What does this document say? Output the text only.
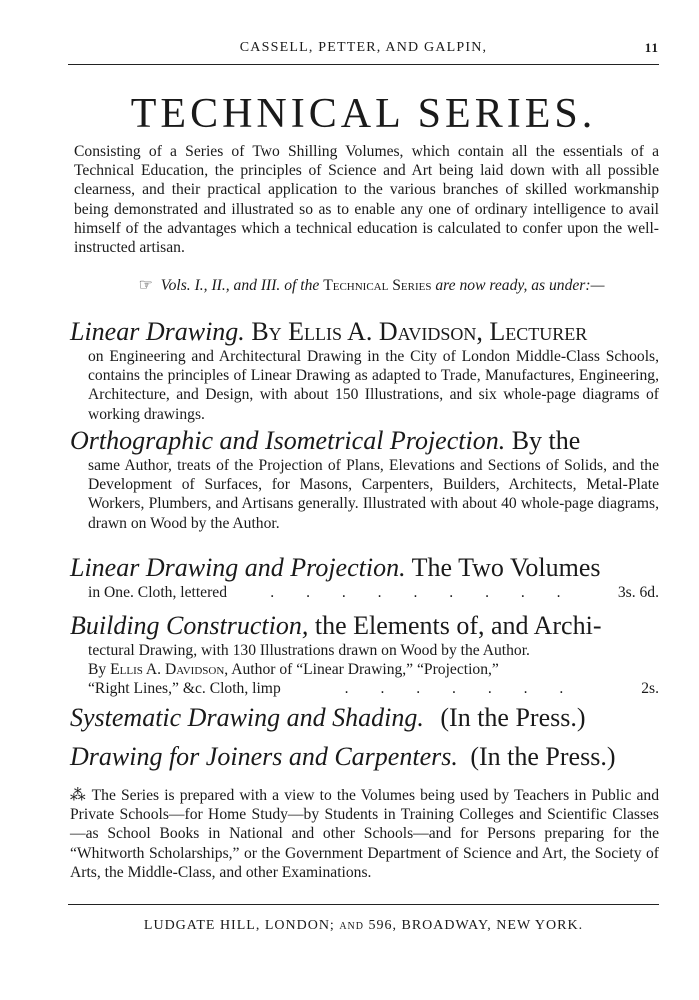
CASSELL, PETTER, AND GALPIN,	11
TECHNICAL SERIES.

Consisting of a Series of Two Shilling Volumes, which contain all the essentials of a Technical Education, the principles of Science and Art being laid down with all possible clearness, and their practical application to the various branches of skilled workmanship being demonstrated and illustrated so as to enable any one of ordinary intelligence to avail himself of the advantages which a technical education is calculated to confer upon the well-instructed artisan.

☞ Vols. I., II., and III. of the Technical Series are now ready, as under:—
Linear Drawing. By Ellis A. Davidson, Lecturer
on Engineering and Architectural Drawing in the City of London Middle-Class Schools, contains the principles of Linear Drawing as adapted to Trade, Manufactures, Engineering, Architecture, and Design, with about 150 Illustrations, and six whole-page diagrams of working drawings.
Orthographic and Isometrical Projection. By the
same Author, treats of the Projection of Plans, Elevations and Sections of Solids, and the Development of Surfaces, for Masons, Carpenters, Builders, Architects, Metal-Plate Workers, Plumbers, and Artisans generally. Illustrated with about 40 whole-page diagrams, drawn on Wood by the Author.
Linear Drawing and Projection. The Two Volumes
in One. Cloth, lettered	. . . . . . . . .	3s. 6d.
Building Construction, the Elements of, and Archi-
tectural Drawing, with 130 Illustrations drawn on Wood by the Author.
By Ellis A. Davidson, Author of “Linear Drawing,” “Projection,”
“Right Lines,” &c. Cloth, limp	. . . . . . .	2s.
Systematic Drawing and Shading. (In the Press.)
Drawing for Joiners and Carpenters. (In the Press.)
⁂ The Series is prepared with a view to the Volumes being used by Teachers in Public and Private Schools—for Home Study—by Students in Training Colleges and Scientific Classes—as School Books in National and other Schools—and for Persons preparing for the “Whitworth Scholarships,” or the Government Department of Science and Art, the Society of Arts, the Middle-Class, and other Examinations.
LUDGATE HILL, LONDON; and 596, BROADWAY, NEW YORK.
